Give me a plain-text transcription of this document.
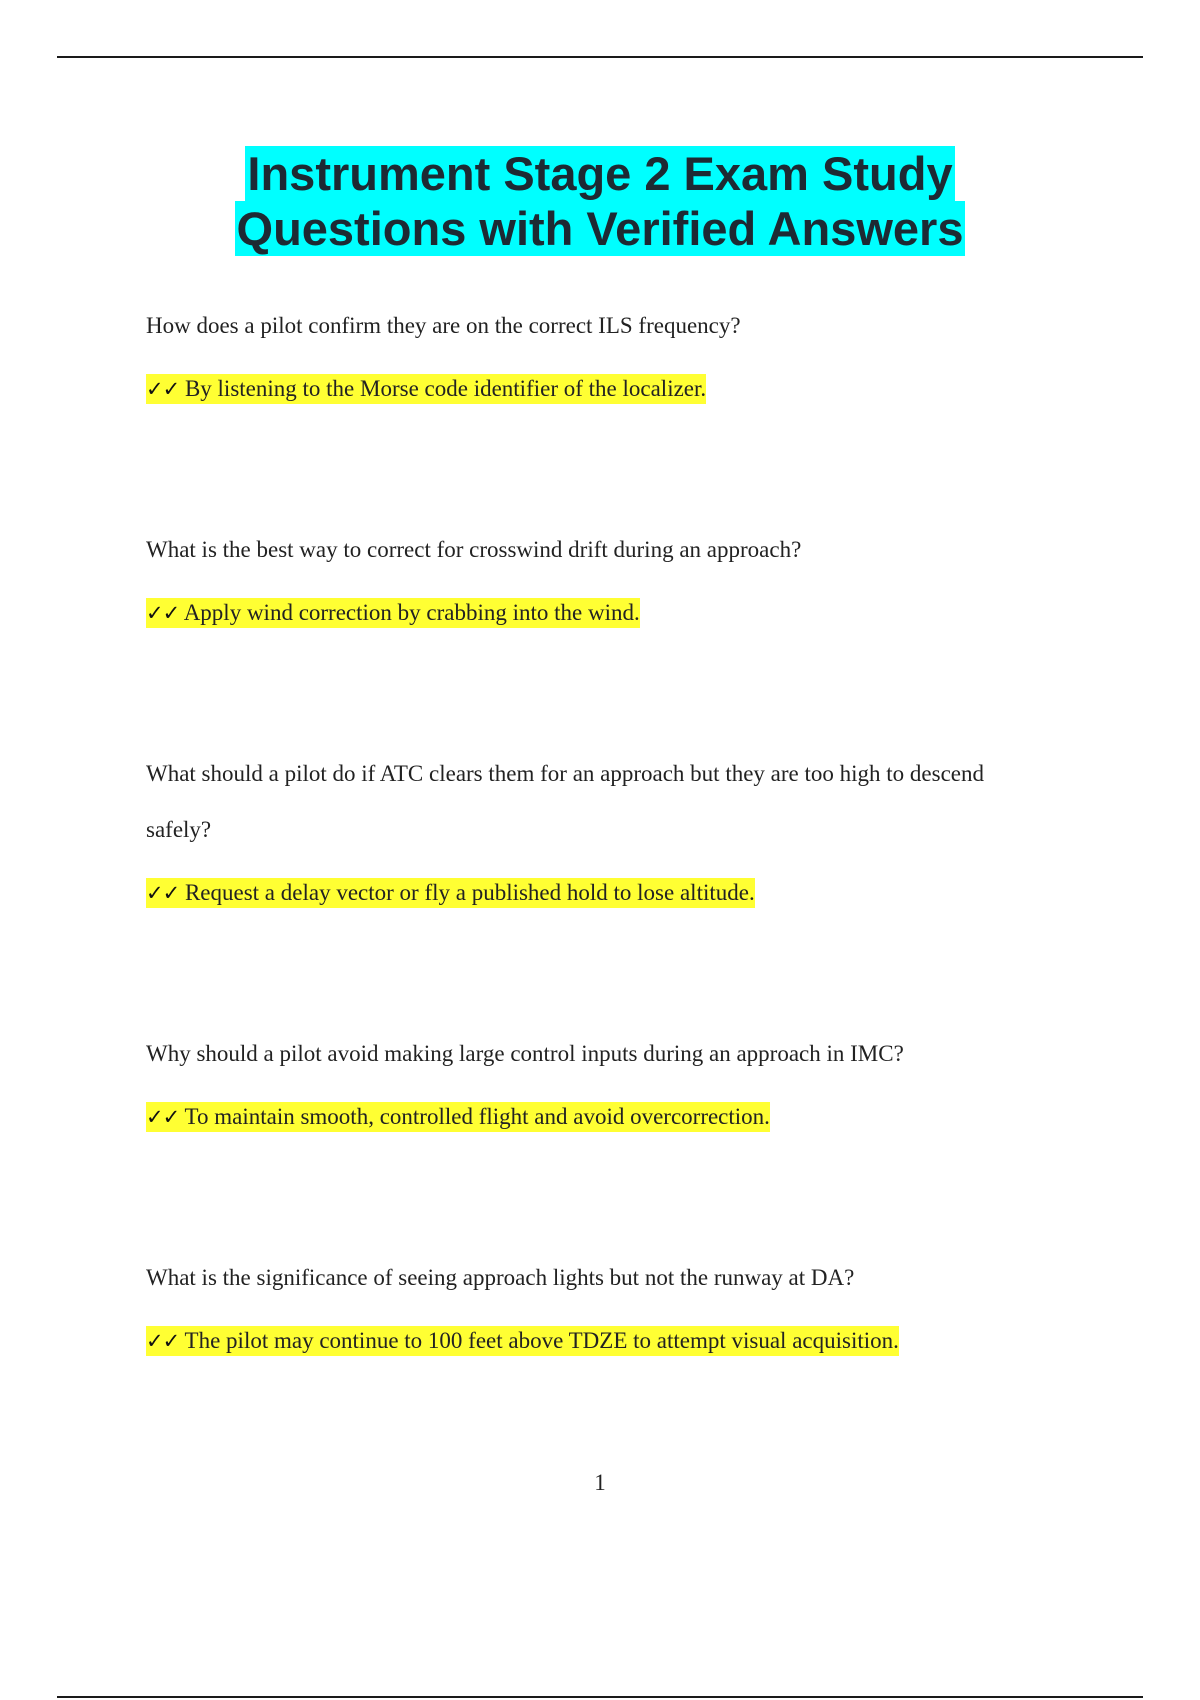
Instrument Stage 2 Exam Study
Questions with Verified Answers

How does a pilot confirm they are on the correct ILS frequency?

✓✓ By listening to the Morse code identifier of the localizer.

What is the best way to correct for crosswind drift during an approach?

✓✓ Apply wind correction by crabbing into the wind.

What should a pilot do if ATC clears them for an approach but they are too high to descend

safely?

✓✓ Request a delay vector or fly a published hold to lose altitude.

Why should a pilot avoid making large control inputs during an approach in IMC?

✓✓ To maintain smooth, controlled flight and avoid overcorrection.

What is the significance of seeing approach lights but not the runway at DA?

✓✓ The pilot may continue to 100 feet above TDZE to attempt visual acquisition.

1
